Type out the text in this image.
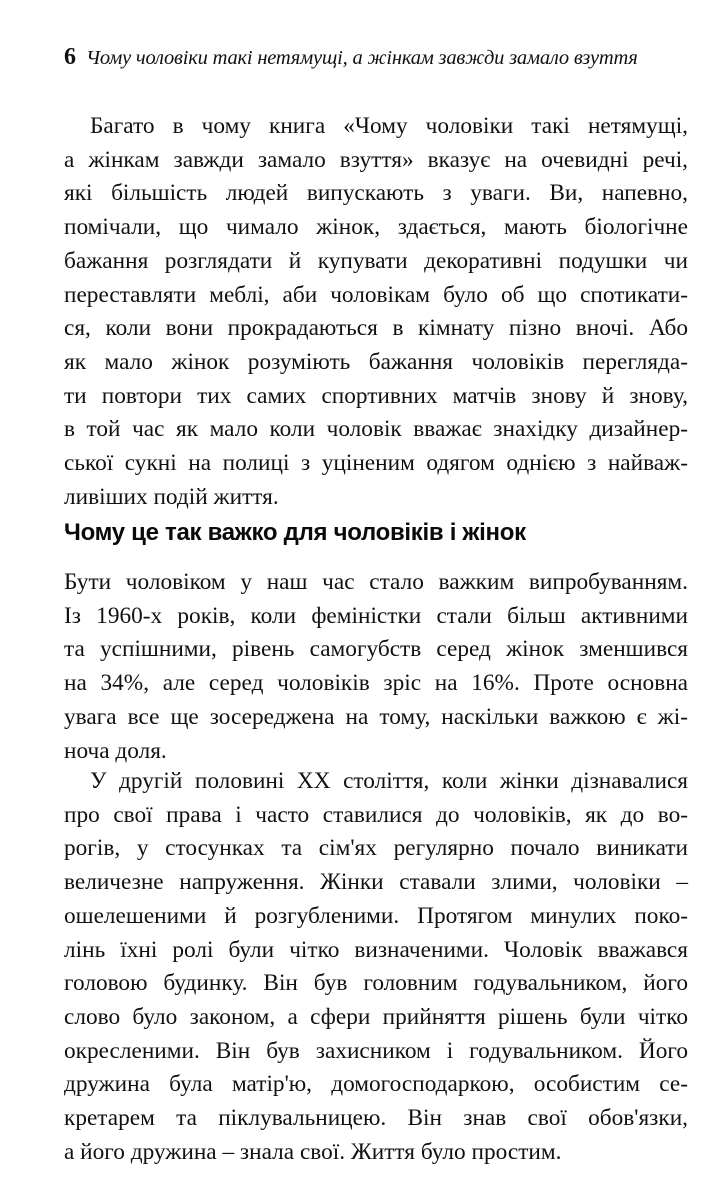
6 Чому чоловіки такі нетямущі, а жінкам завжди замало взуття

Багато в чому книга «Чому чоловіки такі нетямущі,
а жінкам завжди замало взуття» вказує на очевидні речі,
які більшість людей випускають з уваги. Ви, напевно,
помічали, що чимало жінок, здається, мають біологічне
бажання розглядати й купувати декоративні подушки чи
переставляти меблі, аби чоловікам було об що спотикати-
ся, коли вони прокрадаються в кімнату пізно вночі. Або
як мало жінок розуміють бажання чоловіків переглядa-
ти повтори тих самих спортивних матчів знову й знову,
в той час як мало коли чоловік вважає знахідку дизайнер-
ської сукні на полиці з уціненим одягом однією з найваж-
ливіших подій життя.

Чому це так важко для чоловіків і жінок

Бути чоловіком у наш час стало важким випробуванням.
Із 1960-х років, коли феміністки стали більш активними
та успішними, рівень самогубств серед жінок зменшився
на 34%, але серед чоловіків зріс на 16%. Проте основна
увага все ще зосереджена на тому, наскільки важкою є жі-
ноча доля.

У другій половині XX століття, коли жінки дізнавалися
про свої права і часто ставилися до чоловіків, як до во-
рогів, у стосунках та сім'ях регулярно почало виникати
величезне напруження. Жінки ставали злими, чоловіки –
ошелешеними й розгубленими. Протягом минулих поко-
лінь їхні ролі були чітко визначеними. Чоловік вважався
головою будинку. Він був головним годувальником, його
слово було законом, а сфери прийняття рішень були чітко
окресленими. Він був захисником і годувальником. Його
дружина була матір'ю, домогосподаркою, особистим се-
кретарем та піклувальницею. Він знав свої обов'язки,
а його дружина – знала свої. Життя було простим.
